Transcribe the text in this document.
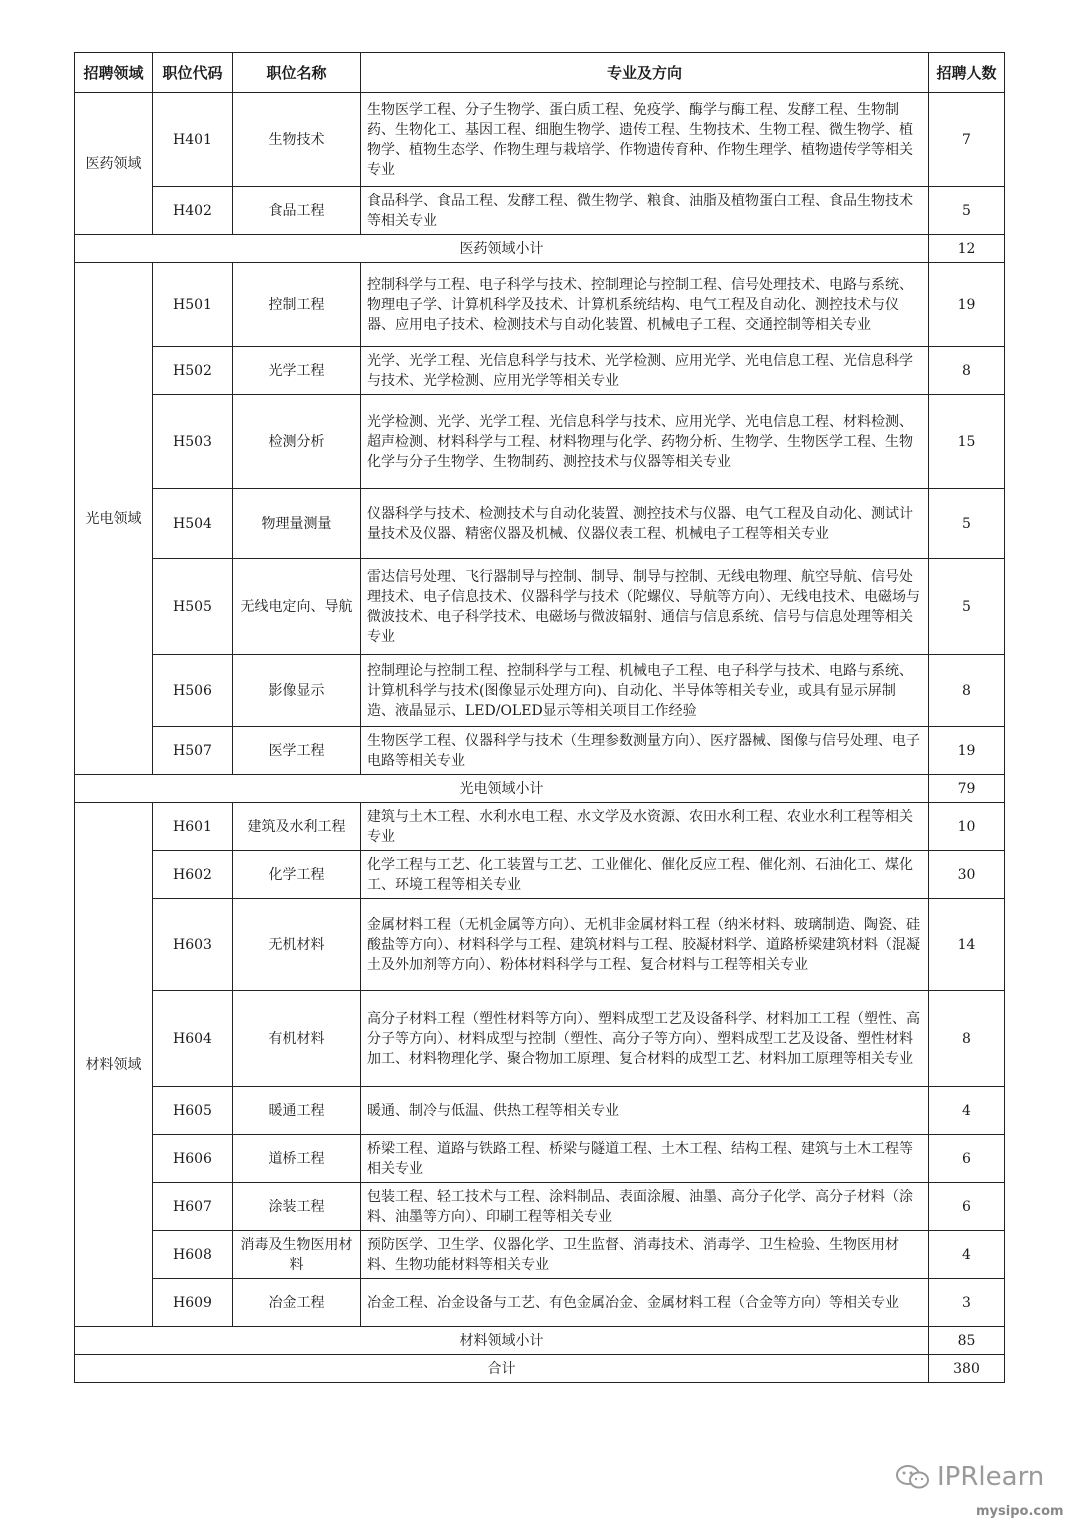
招聘领域	职位代码	职位名称	专业及方向	招聘人数
医药领域	H401	生物技术	生物医学工程、分子生物学、蛋白质工程、免疫学、酶学与酶工程、发酵工程、生物制药、生物化工、基因工程、细胞生物学、遗传工程、生物技术、生物工程、微生物学、植物学、植物生态学、作物生理与栽培学、作物遗传育种、作物生理学、植物遗传学等相关专业	7
	H402	食品工程	食品科学、食品工程、发酵工程、微生物学、粮食、油脂及植物蛋白工程、食品生物技术等相关专业	5
医药领域小计				12
光电领域	H501	控制工程	控制科学与工程、电子科学与技术、控制理论与控制工程、信号处理技术、电路与系统、物理电子学、计算机科学及技术、计算机系统结构、电气工程及自动化、测控技术与仪器、应用电子技术、检测技术与自动化装置、机械电子工程、交通控制等相关专业	19
	H502	光学工程	光学、光学工程、光信息科学与技术、光学检测、应用光学、光电信息工程、光信息科学与技术、光学检测、应用光学等相关专业	8
	H503	检测分析	光学检测、光学、光学工程、光信息科学与技术、应用光学、光电信息工程、材料检测、超声检测、材料科学与工程、材料物理与化学、药物分析、生物学、生物医学工程、生物化学与分子生物学、生物制药、测控技术与仪器等相关专业	15
	H504	物理量测量	仪器科学与技术、检测技术与自动化装置、测控技术与仪器、电气工程及自动化、测试计量技术及仪器、精密仪器及机械、仪器仪表工程、机械电子工程等相关专业	5
	H505	无线电定向、导航	雷达信号处理、飞行器制导与控制、制导、制导与控制、无线电物理、航空导航、信号处理技术、电子信息技术、仪器科学与技术（陀螺仪、导航等方向）、无线电技术、电磁场与微波技术、电子科学技术、电磁场与微波辐射、通信与信息系统、信号与信息处理等相关专业	5
	H506	影像显示	控制理论与控制工程、控制科学与工程、机械电子工程、电子科学与技术、电路与系统、计算机科学与技术(图像显示处理方向)、自动化、半导体等相关专业，或具有显示屏制造、液晶显示、LED/OLED显示等相关项目工作经验	8
	H507	医学工程	生物医学工程、仪器科学与技术（生理参数测量方向）、医疗器械、图像与信号处理、电子电路等相关专业	19
光电领域小计				79
材料领域	H601	建筑及水利工程	建筑与土木工程、水利水电工程、水文学及水资源、农田水利工程、农业水利工程等相关专业	10
	H602	化学工程	化学工程与工艺、化工装置与工艺、工业催化、催化反应工程、催化剂、石油化工、煤化工、环境工程等相关专业	30
	H603	无机材料	金属材料工程（无机金属等方向）、无机非金属材料工程（纳米材料、玻璃制造、陶瓷、硅酸盐等方向）、材料科学与工程、建筑材料与工程、胶凝材料学、道路桥梁建筑材料（混凝土及外加剂等方向）、粉体材料科学与工程、复合材料与工程等相关专业	14
	H604	有机材料	高分子材料工程（塑性材料等方向）、塑料成型工艺及设备科学、材料加工工程（塑性、高分子等方向）、材料成型与控制（塑性、高分子等方向）、塑料成型工艺及设备、塑性材料加工、材料物理化学、聚合物加工原理、复合材料的成型工艺、材料加工原理等相关专业	8
	H605	暖通工程	暖通、制冷与低温、供热工程等相关专业	4
	H606	道桥工程	桥梁工程、道路与铁路工程、桥梁与隧道工程、土木工程、结构工程、建筑与土木工程等相关专业	6
	H607	涂装工程	包装工程、轻工技术与工程、涂料制品、表面涂履、油墨、高分子化学、高分子材料（涂料、油墨等方向）、印刷工程等相关专业	6
	H608	消毒及生物医用材料	预防医学、卫生学、仪器化学、卫生监督、消毒技术、消毒学、卫生检验、生物医用材料、生物功能材料等相关专业	4
	H609	冶金工程	冶金工程、冶金设备与工艺、有色金属冶金、金属材料工程（合金等方向）等相关专业	3
材料领域小计				85
合计				380
IPRlearn
mysipo.com
